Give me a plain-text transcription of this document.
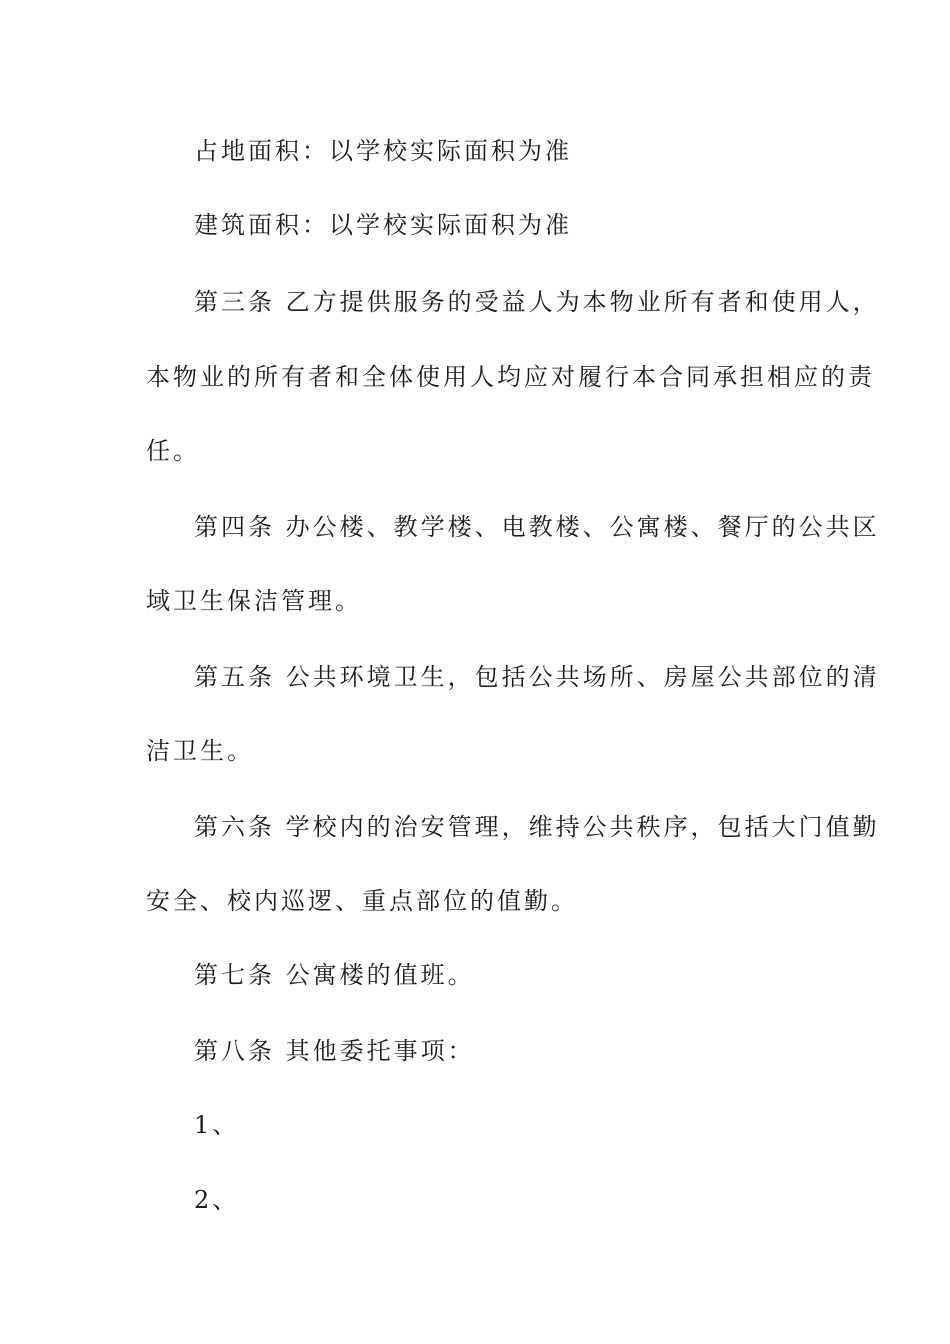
占地面积：以学校实际面积为准
建筑面积：以学校实际面积为准
第三条 乙方提供服务的受益人为本物业所有者和使用人，
本物业的所有者和全体使用人均应对履行本合同承担相应的责
任。
第四条 办公楼、教学楼、电教楼、公寓楼、餐厅的公共区
域卫生保洁管理。
第五条 公共环境卫生，包括公共场所、房屋公共部位的清
洁卫生。
第六条 学校内的治安管理，维持公共秩序，包括大门值勤
安全、校内巡逻、重点部位的值勤。
第七条 公寓楼的值班。
第八条 其他委托事项：
1、
2、
